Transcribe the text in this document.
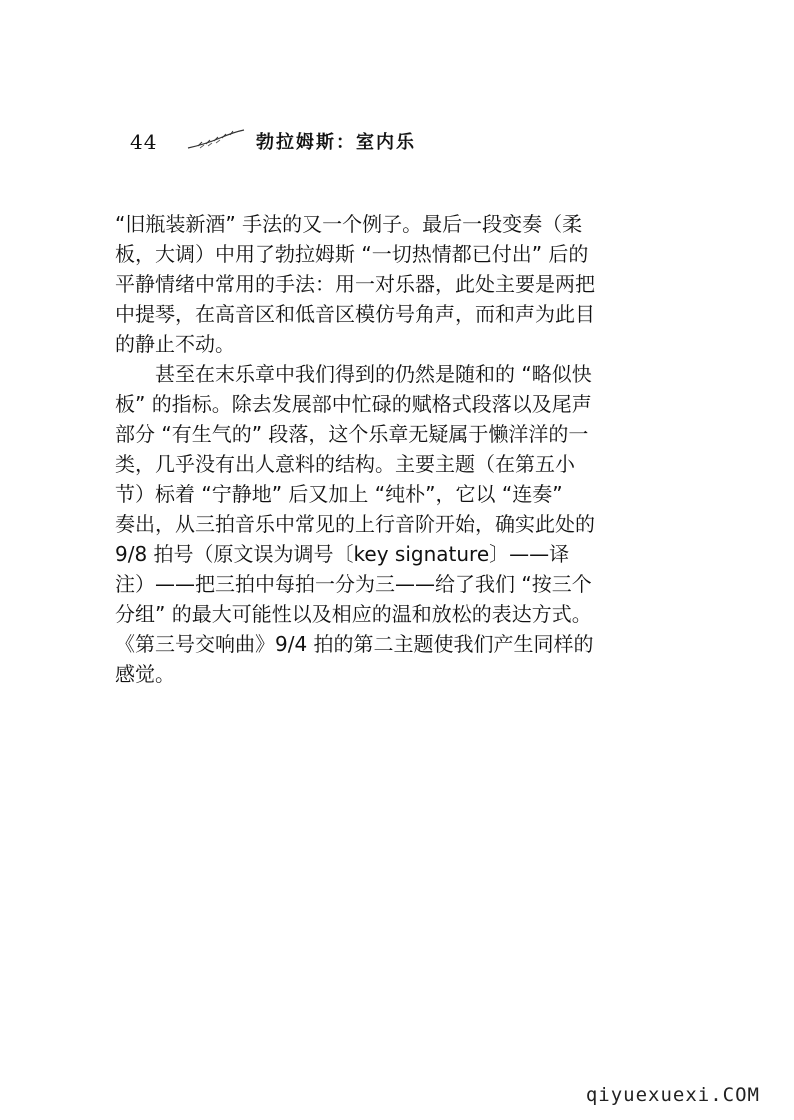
44	勃拉姆斯：室内乐

“旧瓶装新酒” 手法的又一个例子。最后一段变奏（柔
板，大调）中用了勃拉姆斯 “一切热情都已付出” 后的
平静情绪中常用的手法：用一对乐器，此处主要是两把
中提琴，在高音区和低音区模仿号角声，而和声为此目
的静止不动。

甚至在末乐章中我们得到的仍然是随和的 “略似快
板” 的指标。除去发展部中忙碌的赋格式段落以及尾声
部分 “有生气的” 段落，这个乐章无疑属于懒洋洋的一
类，几乎没有出人意料的结构。主要主题（在第五小
节）标着 “宁静地” 后又加上 “纯朴”，它以 “连奏”
奏出，从三拍音乐中常见的上行音阶开始，确实此处的
9/8 拍号（原文误为调号〔key signature〕——译
注）——把三拍中每拍一分为三——给了我们 “按三个
分组” 的最大可能性以及相应的温和放松的表达方式。
《第三号交响曲》9/4 拍的第二主题使我们产生同样的
感觉。

qiyuexuexi.COM
